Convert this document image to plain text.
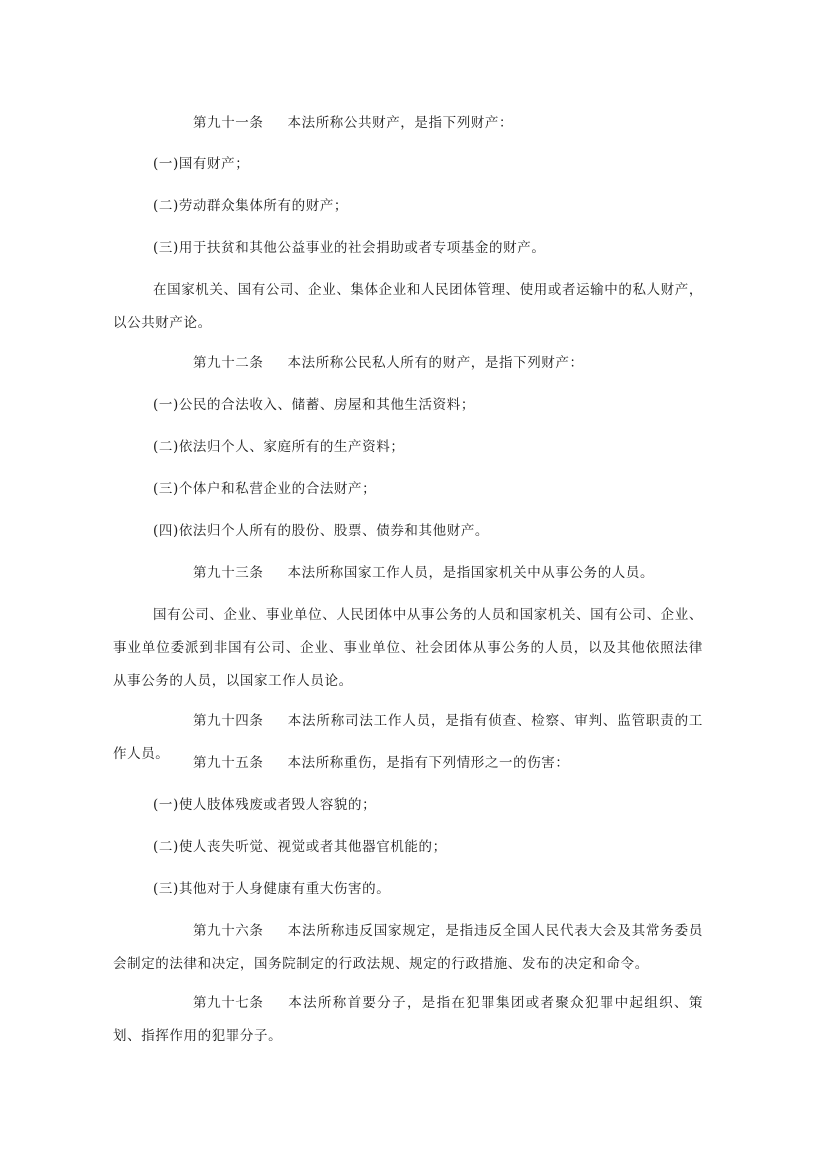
第九十一条 本法所称公共财产，是指下列财产：

(一)国有财产；

(二)劳动群众集体所有的财产；

(三)用于扶贫和其他公益事业的社会捐助或者专项基金的财产。

在国家机关、国有公司、企业、集体企业和人民团体管理、使用或者运输中的私人财产，以公共财产论。

第九十二条 本法所称公民私人所有的财产，是指下列财产：

(一)公民的合法收入、储蓄、房屋和其他生活资料；

(二)依法归个人、家庭所有的生产资料；

(三)个体户和私营企业的合法财产；

(四)依法归个人所有的股份、股票、债券和其他财产。

第九十三条 本法所称国家工作人员，是指国家机关中从事公务的人员。

国有公司、企业、事业单位、人民团体中从事公务的人员和国家机关、国有公司、企业、事业单位委派到非国有公司、企业、事业单位、社会团体从事公务的人员，以及其他依照法律从事公务的人员，以国家工作人员论。

第九十四条 本法所称司法工作人员，是指有侦查、检察、审判、监管职责的工作人员。

第九十五条 本法所称重伤，是指有下列情形之一的伤害：

(一)使人肢体残废或者毁人容貌的；

(二)使人丧失听觉、视觉或者其他器官机能的；

(三)其他对于人身健康有重大伤害的。

第九十六条 本法所称违反国家规定，是指违反全国人民代表大会及其常务委员会制定的法律和决定，国务院制定的行政法规、规定的行政措施、发布的决定和命令。

第九十七条 本法所称首要分子，是指在犯罪集团或者聚众犯罪中起组织、策划、指挥作用的犯罪分子。
